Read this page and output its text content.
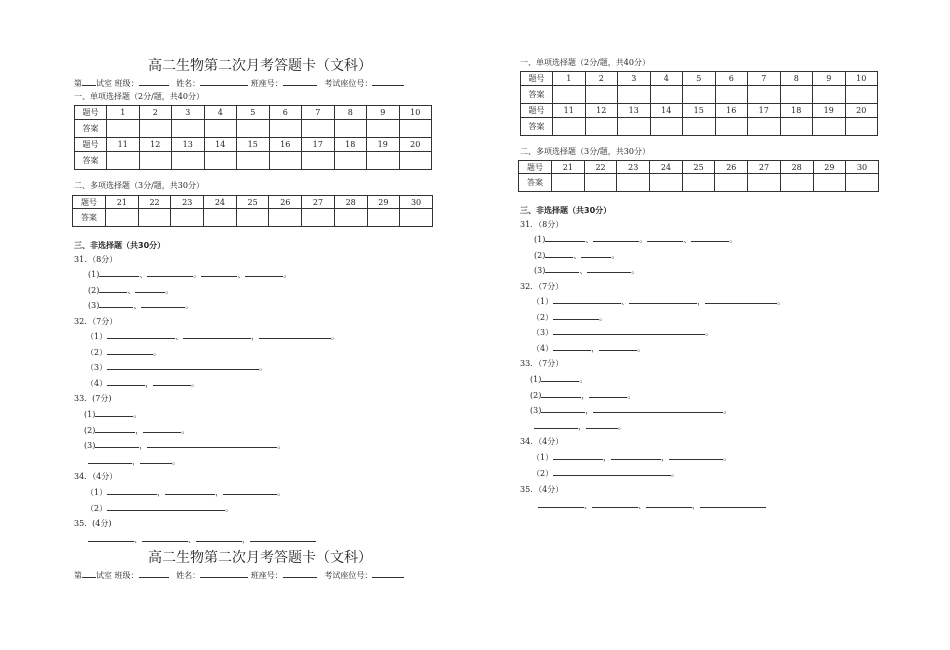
高二生物第二次月考答题卡（文科）
第 试室 班级：	姓名：	班座号：	考试座位号：
一、单项选择题（2分/题，共40分）
题号	1	2	3	4	5	6	7	8	9	10
答案										
题号	11	12	13	14	15	16	17	18	19	20
答案										
二、多项选择题（3分/题，共30分）
题号	21	22	23	24	25	26	27	28	29	30
答案										
三、非选择题（共30分）
31．（8分）
(1)	、	。	、	。
(2)	、	。
(3)	、	。
32．（7分）
（1）	、	，	。
（2）	。
（3）	。
（4）	，	。
33．(7分)
(1)	。
(2)	，	。
(3)	，	。
，	。
34．（4分）
（1）	，	，	。
（2）	。
35．(4分)
、	、	，
高二生物第二次月考答题卡（文科）
第 试室 班级：	姓名：	班座号：	考试座位号：
一、单项选择题（2分/题，共40分）
题号	1	2	3	4	5	6	7	8	9	10
答案										
题号	11	12	13	14	15	16	17	18	19	20
答案										
二、多项选择题（3分/题，共30分）
题号	21	22	23	24	25	26	27	28	29	30
答案										
三、非选择题（共30分）
31．（8分）
(1)	、	。	、	。
(2)	、	。
(3)	、	。
32．（7分）
（1）	、	，	。
（2）	。
（3）	。
（4）	，	。
33．（7分）
(1)	。
(2)	，	。
(3)	，	。
，	。
34．（4分）
（1）	，	，	。
（2）	。
35．（4分）
、	、	，
